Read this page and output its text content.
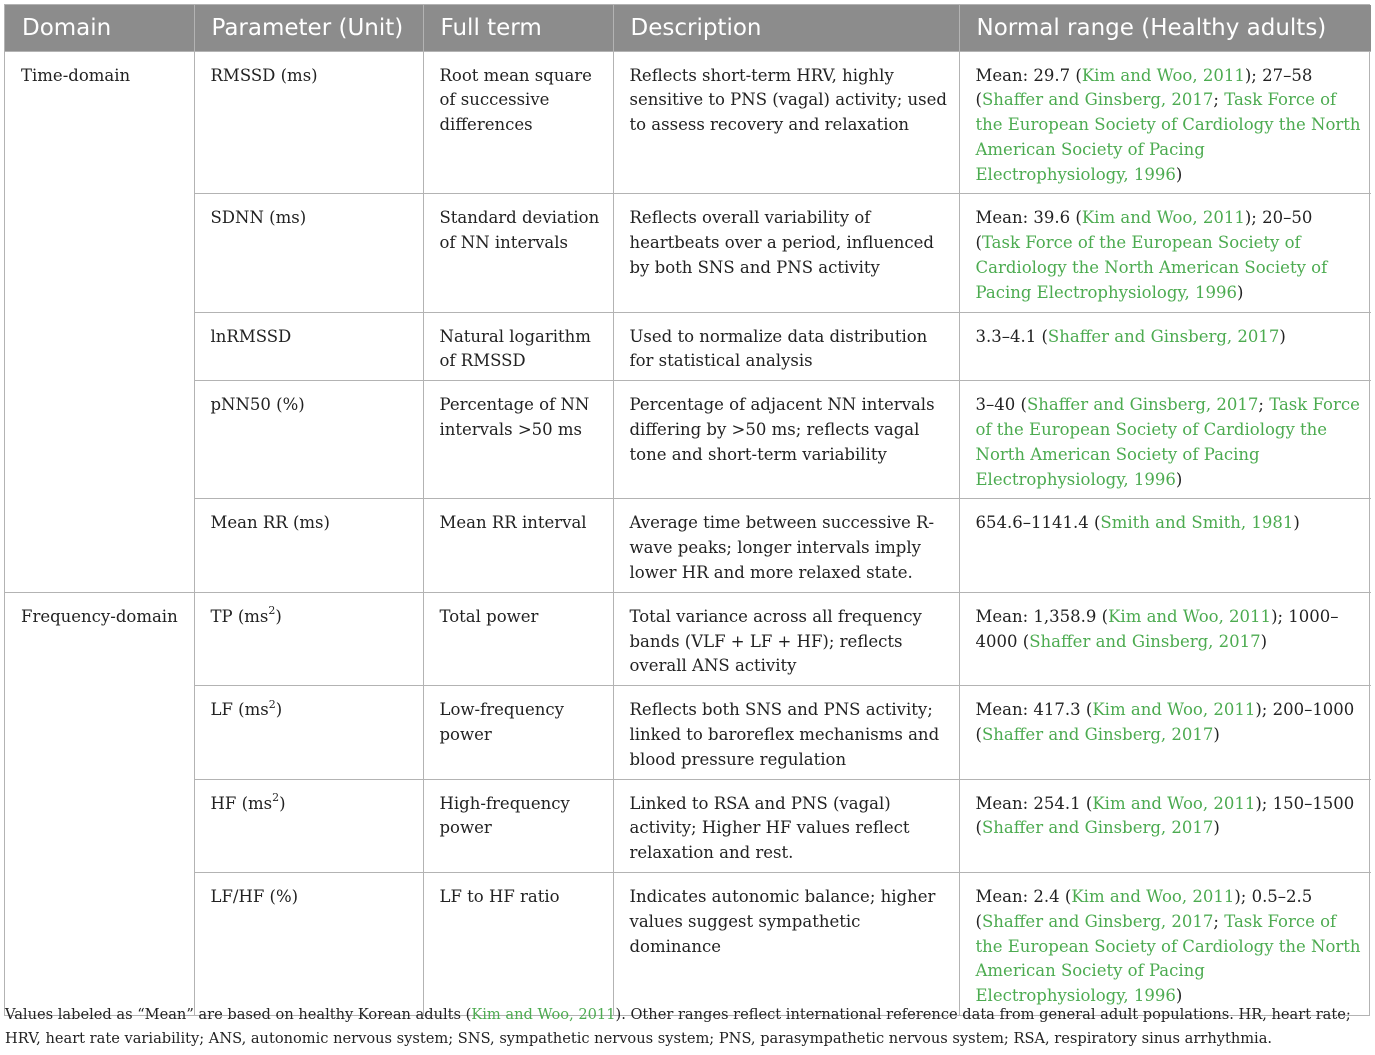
Domain	Parameter (Unit)	Full term	Description	Normal range (Healthy adults)
Time-domain	RMSSD (ms)	Root mean square of successive differences	Reflects short-term HRV, highly sensitive to PNS (vagal) activity; used to assess recovery and relaxation	Mean: 29.7 (Kim and Woo, 2011); 27–58 (Shaffer and Ginsberg, 2017; Task Force of the European Society of Cardiology the North American Society of Pacing Electrophysiology, 1996)
	SDNN (ms)	Standard deviation of NN intervals	Reflects overall variability of heartbeats over a period, influenced by both SNS and PNS activity	Mean: 39.6 (Kim and Woo, 2011); 20–50 (Task Force of the European Society of Cardiology the North American Society of Pacing Electrophysiology, 1996)
	lnRMSSD	Natural logarithm of RMSSD	Used to normalize data distribution for statistical analysis	3.3–4.1 (Shaffer and Ginsberg, 2017)
	pNN50 (%)	Percentage of NN intervals >50 ms	Percentage of adjacent NN intervals differing by >50 ms; reflects vagal tone and short-term variability	3–40 (Shaffer and Ginsberg, 2017; Task Force of the European Society of Cardiology the North American Society of Pacing Electrophysiology, 1996)
	Mean RR (ms)	Mean RR interval	Average time between successive R-wave peaks; longer intervals imply lower HR and more relaxed state.	654.6–1141.4 (Smith and Smith, 1981)
Frequency-domain	TP $(ms^2)$	Total power	Total variance across all frequency bands (VLF + LF + HF); reflects overall ANS activity	Mean: 1,358.9 (Kim and Woo, 2011); 1000–4000 (Shaffer and Ginsberg, 2017)
	LF $(ms^2)$	Low-frequency power	Reflects both SNS and PNS activity; linked to baroreflex mechanisms and blood pressure regulation	Mean: 417.3 (Kim and Woo, 2011); 200–1000 (Shaffer and Ginsberg, 2017)
	HF $(ms^2)$	High-frequency power	Linked to RSA and PNS (vagal) activity; Higher HF values reflect relaxation and rest.	Mean: 254.1 (Kim and Woo, 2011); 150–1500 (Shaffer and Ginsberg, 2017)
	LF/HF (%)	LF to HF ratio	Indicates autonomic balance; higher values suggest sympathetic dominance	Mean: 2.4 (Kim and Woo, 2011); 0.5–2.5 (Shaffer and Ginsberg, 2017; Task Force of the European Society of Cardiology the North American Society of Pacing Electrophysiology, 1996)
Values labeled as “Mean” are based on healthy Korean adults (Kim and Woo, 2011). Other ranges reflect international reference data from general adult populations. HR, heart rate; HRV, heart rate variability; ANS, autonomic nervous system; SNS, sympathetic nervous system; PNS, parasympathetic nervous system; RSA, respiratory sinus arrhythmia.
